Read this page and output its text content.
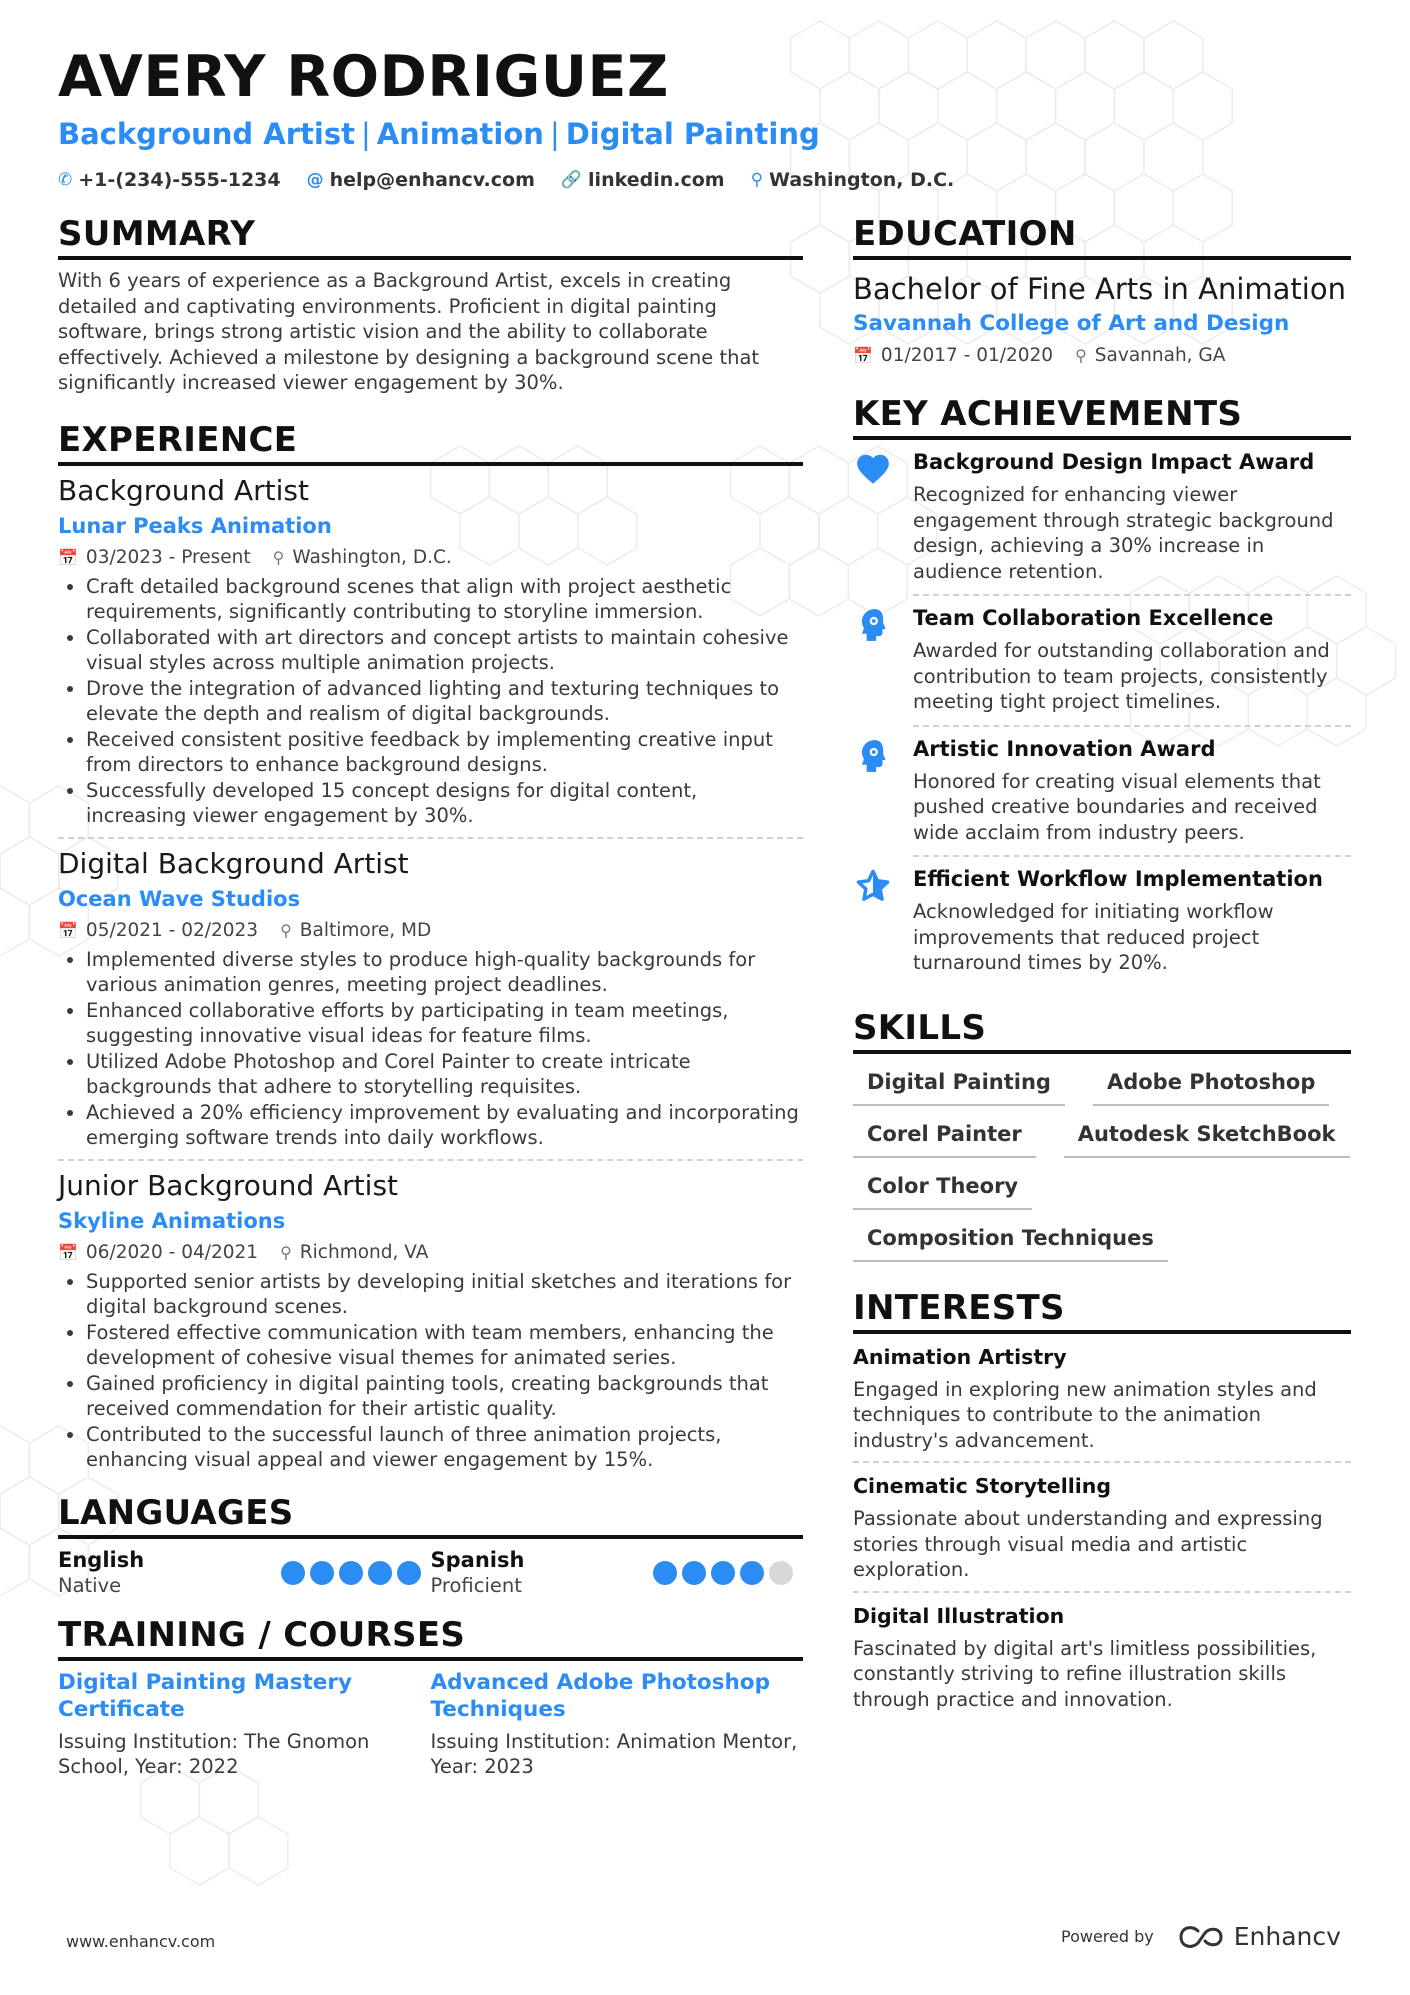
AVERY RODRIGUEZ
Background Artist | Animation | Digital Painting
✆ +1-(234)-555-1234 @ help@enhancv.com 🔗 linkedin.com ⚲ Washington, D.C.
SUMMARY

With 6 years of experience as a Background Artist, excels in creating detailed and captivating environments. Proficient in digital painting software, brings strong artistic vision and the ability to collaborate effectively. Achieved a milestone by designing a background scene that significantly increased viewer engagement by 30%.

EXPERIENCE
Background Artist
Lunar Peaks Animation
📅 03/2023 - Present ⚲ Washington, D.C.
• Craft detailed background scenes that align with project aesthetic requirements, significantly contributing to storyline immersion.
• Collaborated with art directors and concept artists to maintain cohesive visual styles across multiple animation projects.
• Drove the integration of advanced lighting and texturing techniques to elevate the depth and realism of digital backgrounds.
• Received consistent positive feedback by implementing creative input from directors to enhance background designs.
• Successfully developed 15 concept designs for digital content, increasing viewer engagement by 30%.
Digital Background Artist
Ocean Wave Studios
📅 05/2021 - 02/2023 ⚲ Baltimore, MD
• Implemented diverse styles to produce high-quality backgrounds for various animation genres, meeting project deadlines.
• Enhanced collaborative efforts by participating in team meetings, suggesting innovative visual ideas for feature films.
• Utilized Adobe Photoshop and Corel Painter to create intricate backgrounds that adhere to storytelling requisites.
• Achieved a 20% efficiency improvement by evaluating and incorporating emerging software trends into daily workflows.
Junior Background Artist
Skyline Animations
📅 06/2020 - 04/2021 ⚲ Richmond, VA
• Supported senior artists by developing initial sketches and iterations for digital background scenes.
• Fostered effective communication with team members, enhancing the development of cohesive visual themes for animated series.
• Gained proficiency in digital painting tools, creating backgrounds that received commendation for their artistic quality.
• Contributed to the successful launch of three animation projects, enhancing visual appeal and viewer engagement by 15%.
LANGUAGES
English
Native
Spanish
Proficient
TRAINING / COURSES
Digital Painting Mastery Certificate
Issuing Institution: The Gnomon School, Year: 2022
Advanced Adobe Photoshop Techniques
Issuing Institution: Animation Mentor, Year: 2023
EDUCATION
Bachelor of Fine Arts in Animation
Savannah College of Art and Design
📅 01/2017 - 01/2020 ⚲ Savannah, GA
KEY ACHIEVEMENTS
Background Design Impact Award
Recognized for enhancing viewer engagement through strategic background design, achieving a 30% increase in audience retention.
Team Collaboration Excellence
Awarded for outstanding collaboration and contribution to team projects, consistently meeting tight project timelines.
Artistic Innovation Award
Honored for creating visual elements that pushed creative boundaries and received wide acclaim from industry peers.
Efficient Workflow Implementation
Acknowledged for initiating workflow improvements that reduced project turnaround times by 20%.
SKILLS
Digital Painting	Adobe Photoshop
Corel Painter	Autodesk SketchBook
Color Theory
Composition Techniques
INTERESTS
Animation Artistry
Engaged in exploring new animation styles and techniques to contribute to the animation industry's advancement.
Cinematic Storytelling
Passionate about understanding and expressing stories through visual media and artistic exploration.
Digital Illustration
Fascinated by digital art's limitless possibilities, constantly striving to refine illustration skills through practice and innovation.
www.enhancv.com	Powered by	Enhancv
